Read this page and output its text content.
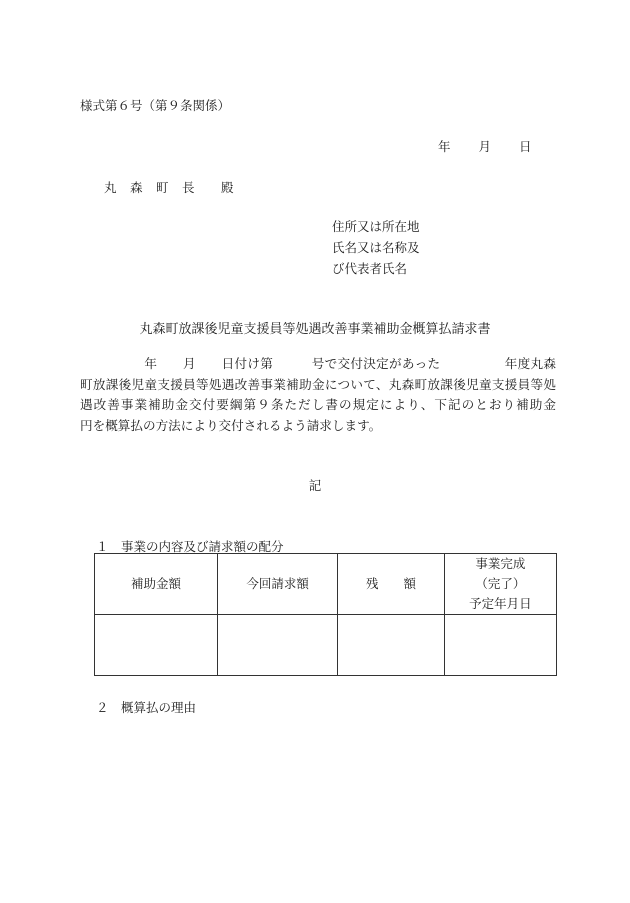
様式第６号（第９条関係）
年 月 日
丸　森　町　長　　殿
住所又は所在地
氏名又は名称及
び代表者氏名
丸森町放課後児童支援員等処遇改善事業補助金概算払請求書
　　　　　年　　月　　日付け第　　　号で交付決定があった　　　　　年度丸森町放課後児童支援員等処遇改善事業補助金について、丸森町放課後児童支援員等処遇改善事業補助金交付要綱第９条ただし書の規定により、下記のとおり補助金　　　　　円を概算払の方法により交付されるよう請求します。
記
１　事業の内容及び請求額の配分
補助金額	今回請求額	残　　額	事業完成
（完了）
予定年月日

２　概算払の理由
